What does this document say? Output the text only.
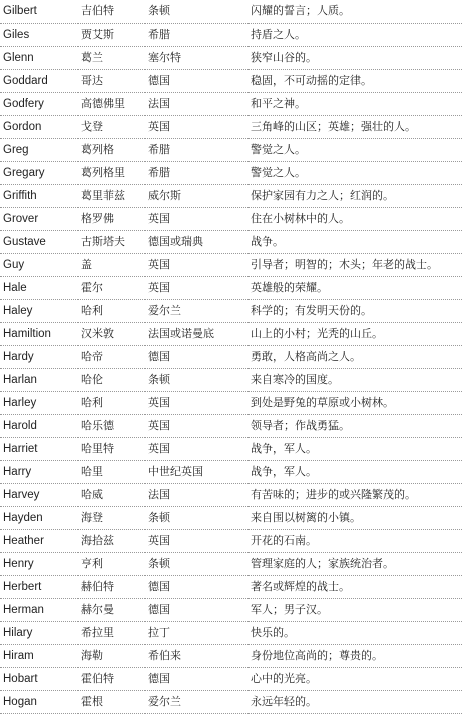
Gilbert	吉伯特	条顿	闪耀的誓言；人质。
Giles	贾艾斯	希腊	持盾之人。
Glenn	葛兰	塞尔特	狭窄山谷的。
Goddard	哥达	德国	稳固，不可动摇的定律。
Godfery	高德佛里	法国	和平之神。
Gordon	戈登	英国	三角峰的山区；英雄；强壮的人。
Greg	葛列格	希腊	警觉之人。
Gregary	葛列格里	希腊	警觉之人。
Griffith	葛里菲兹	威尔斯	保护家园有力之人；红润的。
Grover	格罗佛	英国	住在小树林中的人。
Gustave	古斯塔夫	德国或瑞典	战争。
Guy	盖	英国	引导者；明智的；木头；年老的战士。
Hale	霍尔	英国	英雄般的荣耀。
Haley	哈利	爱尔兰	科学的；有发明天份的。
Hamiltion	汉米敦	法国或诺曼底	山上的小村；光秃的山丘。
Hardy	哈帝	德国	勇敢，人格高尚之人。
Harlan	哈伦	条顿	来自寒冷的国度。
Harley	哈利	英国	到处是野兔的草原或小树林。
Harold	哈乐德	英国	领导者；作战勇猛。
Harriet	哈里特	英国	战争，军人。
Harry	哈里	中世纪英国	战争，军人。
Harvey	哈威	法国	有苦味的；进步的或兴隆繁茂的。
Hayden	海登	条顿	来自围以树篱的小镇。
Heather	海拾兹	英国	开花的石南。
Henry	亨利	条顿	管理家庭的人；家族统治者。
Herbert	赫伯特	德国	著名或辉煌的战士。
Herman	赫尔曼	德国	军人；男子汉。
Hilary	希拉里	拉丁	快乐的。
Hiram	海勒	希伯来	身份地位高尚的；尊贵的。
Hobart	霍伯特	德国	心中的光亮。
Hogan	霍根	爱尔兰	永远年轻的。
